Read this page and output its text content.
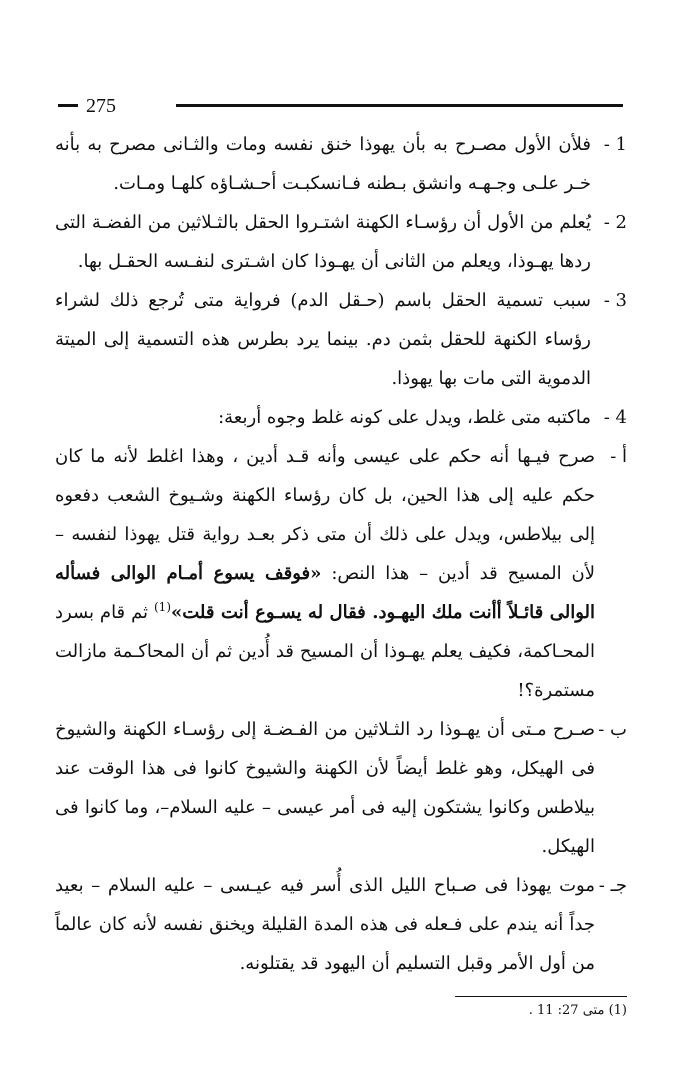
275

1 -
فلأن الأول مصـرح به بأن يهوذا خنق نفسه ومات والثـانى مصرح به بأنه خـر علـى وجـهـه وانشق بـطنه فـانسكبـت أحـشـاؤه كلهـا ومـات.

2 -
يُعلم من الأول أن رؤسـاء الكهنة اشتـروا الحقل بالثـلاثين من الفضـة التى ردها يهـوذا، ويعلم من الثانى أن يهـوذا كان اشـترى لنفـسه الحقـل بها.

3 -
سبب تسمية الحقل باسم (حـقل الدم) فرواية متى تُرجع ذلك لشراء رؤساء الكنهة للحقل بثمن دم. بينما يرد بطرس هذه التسمية إلى الميتة الدموية التى مات بها يهوذا.

4 -
ماكتبه متى غلط، ويدل على كونه غلط وجوه أربعة:

أ -
صرح فيـها أنه حكم على عيسى وأنه قـد أدين ، وهذا اغلط لأنه ما كان حكم عليه إلى هذا الحين، بل كان رؤساء الكهنة وشـيوخ الشعب دفعوه إلى بيلاطس، ويدل على ذلك أن متى ذكر بعـد رواية قتل يهوذا لنفسه – لأن المسيح قد أدين – هذا النص: «فوقف يسوع أمـام الوالى فسأله الوالى قائـلاً أأنت ملك اليهـود. فقال له يسـوع أنت قلت»$^{(1)}$ ثم قام بسرد المحـاكمة، فكيف يعلم يهـوذا أن المسيح قد أُدين ثم أن المحاكـمة مازالت مستمرة؟!

ب -
صـرح مـتى أن يهـوذا رد الثـلاثين من الفـضـة إلى رؤسـاء الكهنة والشيوخ فى الهيكل، وهو غلط أيضاً لأن الكهنة والشيوخ كانوا فى هذا الوقت عند بيلاطس وكانوا يشتكون إليه فى أمر عيسى – عليه السلام–، وما كانوا فى الهيكل.

جـ -
موت يهوذا فى صـباح الليل الذى أُسر فيه عيـسى – عليه السلام – بعيد جداً أنه يندم على فـعله فى هذه المدة القليلة ويخنق نفسه لأنه كان عالماً من أول الأمر وقبل التسليم أن اليهود قد يقتلونه.

(1) متى 27: 11 .
